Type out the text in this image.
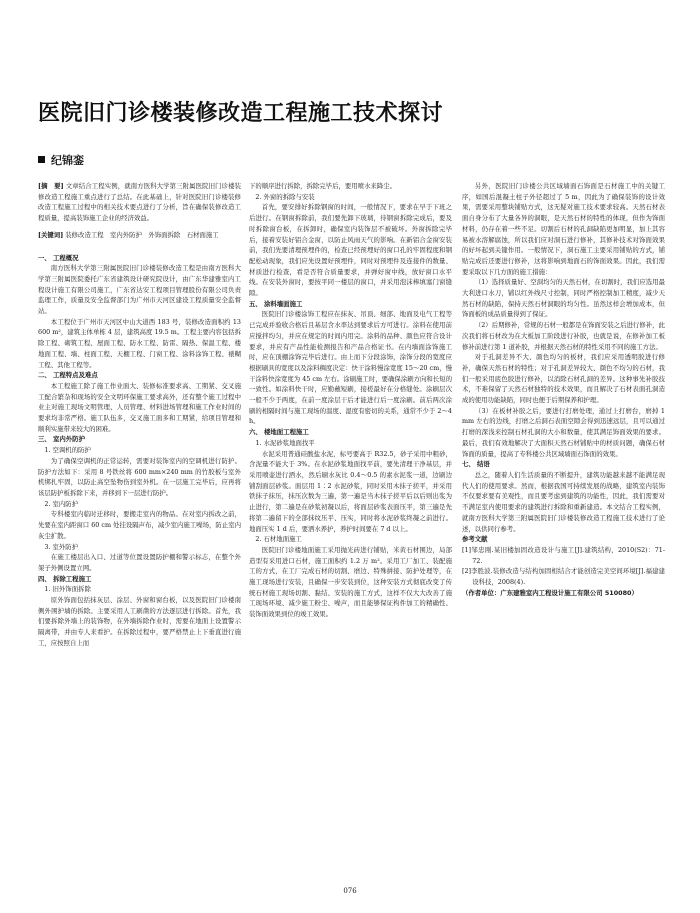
医院旧门诊楼装修改造工程施工技术探讨
纪锦銮

[摘　要] 文章结合工程实例，就南方医科大学第三附属医院旧门诊楼装修改造工程施工重点进行了总结。在此基础上，针对医院旧门诊楼装修改造工程施工过程中的相关技术要点进行了分析，旨在确保装修改造工程质量，提高装饰施工企业的经济效益。

[关键词] 装修改造工程　室内外防护　外饰面拆除　石材面施工

一、 工程概况

南方医科大学第三附属医院旧门诊楼装修改造工程是由南方医科大学第三附属医院委托广东省建筑设计研究院设计，由广东华建雅室内工程设计施工有限公司施工，广东省达安工程项目管理股份有限公司负责监理工作，质量及安全监督部门为广州市天河区建设工程质量安全监督站。

本工程位于广州市天河区中山大道西 183 号，装修改造面积约 13 600 m²，建筑主体单栋 4 层，建筑高度 19.5 m。工程主要内容包括拆除工程、砌筑工程、屋面工程、防水工程、防雷、隔热、保温工程、楼地面工程、墙、柱面工程、天棚工程、门窗工程、涂料涂饰工程、裱糊工程、其他工程等。

二、 工程特点及难点

本工程施工除了施工作业面大、装修标准要求高、工期紧、交叉施工配合繁杂和现场的安全文明环保施工要求高外，还有整个施工过程中业主对施工现场文明管理、人员管理、材料进场管理和施工作业时间的要求均非常严格。施工队伍多，交叉施工面多和工期紧，给项目管理和顺利实施带来较大的困难。

三、 室内外防护

1. 空调机的防护

为了确保空调机的正常运转，需要对装饰室内的空调机进行防护。防护方法如下：采用 8 号铁丝将 600 mm×240 mm 的竹胶板与室外机绑扎牢固，以防止高空坠物伤到室外机。在一层施工完毕后，应再将该层防护板拆除下来，并移到下一层进行防护。

2. 室内防护

专科楼室内临时迁移时，要搬走室内的物品。在对室内拆改之前，先要在室内距窗口 60 cm 处挂设隔声布，减少室内施工噪场，防止室内灰尘扩散。

3. 室外防护

在施工楼层出入口、过道等位置设置防护棚和警示标志，在整个外架子外侧设置立网。

四、 拆除工程施工

1. 旧外饰面拆除

原外饰面包括抹灰层、涂层、外窗和窗台板，以及医院旧门诊楼南侧外围护墙的拆除。主要采用人工刷凿的方法逐层进行拆除。首先，我们要拆除外墙上的装饰物，在外墙拆除作业时，需要在地面上设置警示隔离带，并由专人来看护。在拆除过程中，要严格禁止上下垂直进行施工，应按照自上而

下的顺序进行拆除，拆除完毕后，要用喷水来降尘。

2. 外窗的拆除与安装

首先，要安排好拆除钢窗的时间，一般情况下，要求在早于下班之后进行。在钢窗拆除前，我们要先卸下玻璃，待钢窗拆除完成后，要及时拆除窗台板，在拆卸时，确保室内装饰层不被破坏。外窗拆除完毕后，接着安装好铝合金窗，以防止风雨天气的影响。在新铝合金窗安装前，我们先要清理预埋件的，检查已经预埋好的窗口孔的牢固程度和钢配松动现象，我们应先设置好预埋件，同时对预埋件及连接件的数量、材质进行检查，看是否符合质量要求，并弹好窗中线，放好窗口水平线。在安装外窗时，要按平同一楼层的窗口，并采用泡沫棒填塞门窗缝隙。

五、 涂料墙面施工

医院旧门诊楼涂饰工程应在抹灰、吊顶、细部、地面及电气工程等已完成并验收合格后且基层含水率达到要求后方可进行。涂料在使用前应搅拌均匀，并应在规定的时间内用完。涂料的品种、颜色应符合设计要求，并应有产品性能检测报告和产品合格证书。在内墙面涂饰施工时，应在顶棚涂饰完毕后进行。由上而下分段涂饰，涂饰分段的宽度应根据刷具的宽度以及涂料稠度决定：快干涂料慢涂宽度 15～20 cm，慢干涂料快涂宽度为 45 cm 左右。涂刷施工时，要确保涂刷方向和长短的一致性。如涂料快干时，应勤蘸短刷，接槎最好在分格缝处。涂刷层次一般不少于两度，在前一度涂层干后才能进行后一度涂刷。前后两次涂刷的相隔时间与施工现场的温度、湿度有密切的关系，通常不少于 2～4 h。

六、 楼地面工程施工

1. 水泥砂浆地面找平

水泥采用普通硅酸盐水泥，标号要高于 R32.5，砂子采用中粗砂，含泥量不能大于 3%。在水泥砂浆地面找平前，要先清理干净基层，并采用喷壶进行洒水，然后刷水灰比 0.4～0.5 的素水泥浆一道，边刷边铺刮面层砂浆。面层用 1∶2 水泥砂浆，同时采用木抹子搓平，并采用铁抹子抹压，抹压次数为三遍，第一遍是当木抹子搓平后以后则出浆为止进行，第二遍是在砂浆初凝以后，将面层砂浆表面压平，第三遍是先将第二遍留下的全部抹纹压平、压实，同时将水泥砂浆终凝之前进行。地面压实 1 d 后，要洒水养护，养护时间要在 7 d 以上。

2. 石材地面施工

医院旧门诊楼地面施工采用抛光砖进行铺贴，米黄石材围边，局部造型有采用进口石材，施工面积约 1.2 万 m²。采用工厂加工、装配施工的方式，在工厂完成石材的切割、磨边、特殊拼接、防护处理等，在施工现场进行安装，且确保一步安装到位，这种安装方式彻底改变了传统石材施工现场切割、黏结、安装的施工方式，这样不仅大大改善了施工现场环境、减少施工粉尘、噪声，而且能够保证构件加工的精确性、装饰面效果到位的竣工效果。

另外，医院旧门诊楼公共区域墙面石饰面是石材施工中的关键工序，如国后混凝土柱子外径超过了 5 m，因此为了确保装饰的设计效果，需要采用整块铺贴方式，这无疑对施工技术要求较高。天然石材表面自身分布了大量各异的洞眼，是天然石材的特性的体现，但作为饰面材料，仍存在着一些不足。切割后石材的孔洞缺陷更加明显，加上其容易被水溶解腐蚀，所以我们应对洞石进行修补，其修补技术对饰面效果的好坏起到关键作用。一般情况下，洞石施工主要采用铺贴的方式，铺贴完成后还要进行修补，这将影响到地面石的饰面效果。因此，我们需要采取以下几方面的施工措施：

（1）选择质量好、空洞均匀的天然石材，在切割时，我们应选用最大利进口水刀，铺以红外线尺寸控制，同时严格控制加工精度，减少天然石材的缺陷，保持天然石材洞眼的均匀性。虽然这样会增加成本，但饰面板的成品质量得到了保证。

（2）后期修补，常规的石材一般都是在饰面安装之后进行修补，此次我们将石材改为在大板加工阶段进行补胶，也就是说，在修补加工板修补前进行第 1 道补胶，并根据天然石材的特性采用不同的施工方法。

对于孔洞差异不大、颜色均匀的板材，我们应采用透明胶进行修补，确保天然石材的特性；对于孔洞差异较大、颜色不均匀的石材，我们一般采用底色胶进行修补，以消除石材孔洞的差异。这种事先补胶技术，不难保留了天然石材独特的技术效果，而且解决了石材表面孔洞造成的使用功能缺陷，同时也便于后期保养和护理。

（3）在板材补胶之后，要进行打磨处理，通过上打磨台，磨掉 1 mm 左右的边线，打磨之后洞石表面空隙会得到迅速远层，且可以通过打磨的深浅来控制石材孔洞的大小和数量，使其满足饰面效果的要求。最后，我们有效地解决了大面积天然石材铺贴中的材质问题，确保石材饰面的质量，提高了专科楼公共区域墙面石饰面的效果。

七、 结语

总之，随着人们生活质量的不断提升，建筑功能越来越不能满足现代人们的使用要求。然而，根据我国可持续发展的战略，建筑室内装饰不仅要求要有美观性，而且要考虑到建筑的功能性，因此，我们需要对不满足室内使用要求的建筑进行拆除和重新建造。本文结合工程实例，就南方医科大学第三附属医院旧门诊楼装修改造工程施工技术进行了论述，以供同行参考。

参考文献

[1]邹忠刚.某旧楼加固改造设计与施工[J].建筑结构，2010(S2)：71-72.

[2]李胜波.装修改造与结构加固相结合才能创造完美空间环境[J].福建建设科技，2008(4).

（作者单位：广东建雅室内工程设计施工有限公司 510080）

076
